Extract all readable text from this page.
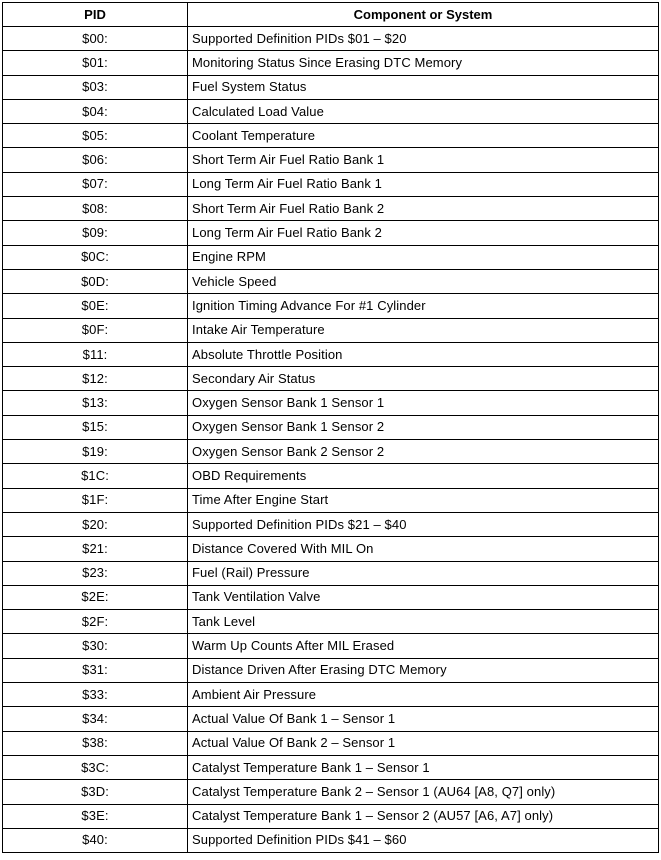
PID	Component or System
$00:	Supported Definition PIDs $01 – $20
$01:	Monitoring Status Since Erasing DTC Memory
$03:	Fuel System Status
$04:	Calculated Load Value
$05:	Coolant Temperature
$06:	Short Term Air Fuel Ratio Bank 1
$07:	Long Term Air Fuel Ratio Bank 1
$08:	Short Term Air Fuel Ratio Bank 2
$09:	Long Term Air Fuel Ratio Bank 2
$0C:	Engine RPM
$0D:	Vehicle Speed
$0E:	Ignition Timing Advance For #1 Cylinder
$0F:	Intake Air Temperature
$11:	Absolute Throttle Position
$12:	Secondary Air Status
$13:	Oxygen Sensor Bank 1 Sensor 1
$15:	Oxygen Sensor Bank 1 Sensor 2
$19:	Oxygen Sensor Bank 2 Sensor 2
$1C:	OBD Requirements
$1F:	Time After Engine Start
$20:	Supported Definition PIDs $21 – $40
$21:	Distance Covered With MIL On
$23:	Fuel (Rail) Pressure
$2E:	Tank Ventilation Valve
$2F:	Tank Level
$30:	Warm Up Counts After MIL Erased
$31:	Distance Driven After Erasing DTC Memory
$33:	Ambient Air Pressure
$34:	Actual Value Of Bank 1 – Sensor 1
$38:	Actual Value Of Bank 2 – Sensor 1
$3C:	Catalyst Temperature Bank 1 – Sensor 1
$3D:	Catalyst Temperature Bank 2 – Sensor 1 (AU64 [A8, Q7] only)
$3E:	Catalyst Temperature Bank 1 – Sensor 2 (AU57 [A6, A7] only)
$40:	Supported Definition PIDs $41 – $60
